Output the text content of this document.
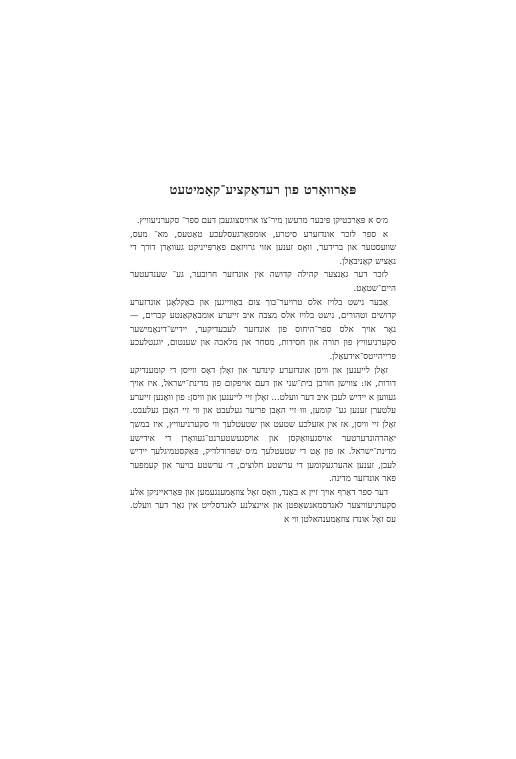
פּאַרוואָרט פון רעדאַקציע־קאָמיטעט

מ׳ס א פּאַרכטיקן פּיבער מרעשן מיר־צו ארויסצוגעבן דעם ספר־ סקערניעוויץ.

א ספר לזכר אונדזערע סיטרע, אומפאַרגעסלעכע טאַטעס, מא־ מעס, שוועסטער און ברידער, וואָס זענען אזוי גרויזאַם פאַרפּייניקט געוואָרן דורך די נאַציש קאַניבאַלן.

לזכר דער גאַנצער קהילה קדושה אין אונדזער חרובער, גע־ שענדעטער היים־שטאָט.

אַבער נישט בלויז אלס טרויער־בוך צום באַווייגען און באַקלאָגן אונדזערע קדושים וטהורים, נישט בלויז אלס מצבה איבּ זייערע אומבאַקאַנטע קברים, — נאָר אויך אלס ספר־היחוס פון אונדזער לעבעדיקער, יידיש־דינאַמישער סקערניעוויץ פון תורה און חסידות, מסחר און מלאכה און שענטום, יוגנטלעכע פּרייהייטס־אידעאַלן.

זאָלן לייענען און וויסן אונדזערע קינדער און זאָלן דאָס ווייסן די קומענדיקע דורות, אז: צווישן חורבן בית־שני און דעם אויפקום פון מדינת־ישראל, איז אויך געווען א יידיש לעבן איבּ דער וועלט... זאָלן זיי לייענען און וויסן: פון וואַנען זייערע עלטערן זענען גע־ קומען, וווּ זיי האָבן פריער געלעבט און ווי זיי האָבן געלעבט. זאָלן זיי וויסן, אז אין אזעלכע שטעט און שטעטלעך ווי סקערניעוויץ, איז במשך יאַהרהונדערטער אויסגעוואַקסן און אויסגעשטערנט־געוואָרן די אידישע מדינת־ישראל. אז פון אָט די שטעטלעך מ׳ס שפּרודלדיק, פּאַקסטמיגלעך יידיש לעבן, זענען אהערגעקומען די ערשטע חלוצים, ד׳ ערשטע בויער און קעמפער פאר אונדזער מדינה.

דער ספר דאַרף אויך זיין א באַנד, וואָס זאָל צוזאַמענגעמען און פּאַראייניקן אלע סקערניעוויצער לאנדסמאנשאַפטן און איינצלנע לאנדסלייט אין גאַר דער וועלט. עס זאָל אונדז צוזאַמענהאלטן ווי א
